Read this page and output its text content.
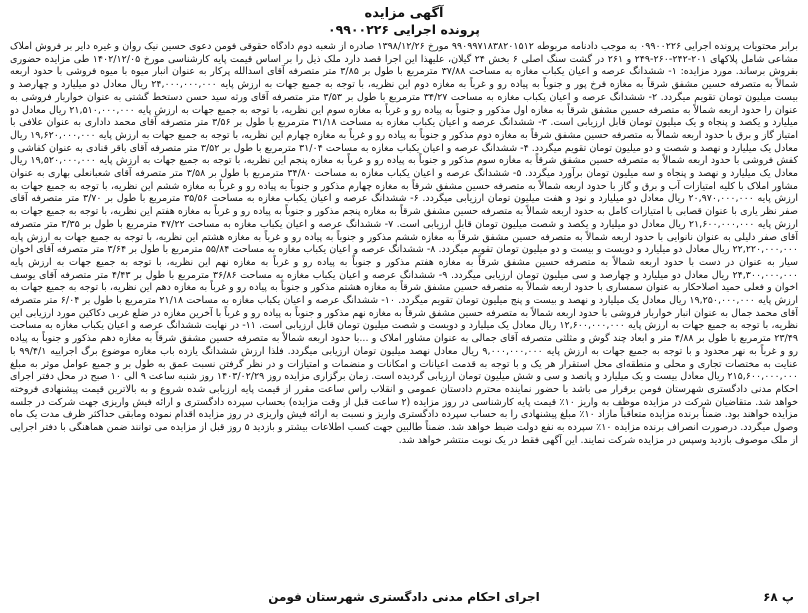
آگهی مزایده

پرونده اجرایی ۰۹۹۰۰۲۲۶

برابر محتویات پرونده اجرایی ۰۹۹۰۰۲۲۶ به موجب دادنامه مربوطه ۹۹۰۹۹۷۱۸۳۸۲۰۱۵۱۲ مورخ ۱۳۹۸/۱۲/۲۶ صادره از شعبه دوم دادگاه حقوقی فومن دعوی حسین نیک روان و غیره دایر بر فروش املاک مشاعی شامل پلاکهای ۲۰۱-۲۴۲-۲۶۰-۲۴۹ و ۲۶۱ در گشت سنگ اصلی ۶ بخش ۲۴ گیلان، علیهذا این اجرا قصد دارد ملک ذیل را بر اساس قیمت پایه کارشناسی مورخ ۱۴۰۲/۱۲/۰۵ طی مزایده حضوری بفروش برساند. مورد مزایده: ۱- ششدانگ عرصه و اعیان یکباب مغازه به مساحت ۳۷/۸۸ مترمربع با طول بر ۳/۸۵ متر متصرفه آقای اسدالله پرکار به عنوان انبار میوه با میوه فروشی با حدود اربعه شمالاً به متصرفه حسین مشفق شرقاً به مغازه فرخ پور و جنوباً به پیاده رو و غرباً به مغازه دوم این نظریه، با توجه به جمیع جهات به ارزش پایه ۲۴,۰۰۰,۰۰۰,۰۰۰ ریال معادل دو میلیارد و چهارصد و بیست میلیون تومان تقویم میگردد. ۲- ششدانگ عرصه و اعیان یکباب مغازه به مساحت ۳۴/۲۷ مترمربع با طول بر ۳/۵۳ متر متصرفه آقای ورثه سید حسن دستخط گشتی به عنوان خواربار فروشی به عنوان را حدود اربعه شمالاً به متصرفه حسین مشفق شرقاً به مغازه اول مذکور و جنوباً به پیاده رو و غرباً به مغازه سوم این نظریه، با توجه به جمیع جهات به ارزش پایه ۲۱,۵۱۰,۰۰۰,۰۰۰ ریال معادل دو میلیارد و یکصد و پنجاه و یک میلیون تومان قابل ارزیابی است. ۳- ششدانگ عرصه و اعیان یکباب مغازه به مساحت ۳۱/۱۸ مترمربع با طول بر ۳/۵۶ متر متصرفه آقای محمد داداری به عنوان علافی با امتیاز گاز و برق با حدود اربعه شمالاً به متصرفه حسین مشفق شرقاً به مغازه دوم مذکور و جنوباً به پیاده رو و غرباً به مغازه چهارم این نظریه، با توجه به جمیع جهات به ارزش پایه ۱۹,۶۲۰,۰۰۰,۰۰۰ ریال معادل یک میلیارد و نهصد و شصت و دو میلیون تومان تقویم میگردد. ۴- ششدانگ عرصه و اعیان یکباب مغازه به مساحت ۳۱/۰۴ مترمربع با طول بر ۳/۵۲ متر متصرفه آقای باقر قنادی به عنوان کفاشی و کفش فروشی با حدود اربعه شمالاً به متصرفه حسین مشفق شرقاً به مغازه سوم مذکور و جنوباً به پیاده رو و غرباً به مغازه پنجم این نظریه، با توجه به جمیع جهات به ارزش پایه ۱۹,۵۲۰,۰۰۰,۰۰۰ ریال معادل یک میلیارد و نهصد و پنجاه و سه میلیون تومان برآورد میگردد. ۵- ششدانگ عرصه و اعیان یکباب مغازه به مساحت ۳۴/۸۰ مترمربع با طول بر ۳/۵۸ متر متصرفه آقای شعبانعلی بهاری به عنوان مشاور املاک با کلیه امتیازات آب و برق و گاز با حدود اربعه شمالاً به متصرفه حسین مشفق شرقاً به مغازه چهارم مذکور و جنوباً به پیاده رو و غرباً به مغازه ششم این نظریه، با توجه به جمیع جهات به ارزش پایه ۲۰,۹۷۰,۰۰۰,۰۰۰ ریال معادل دو میلیارد و نود و هفت میلیون تومان ارزیابی میگردد. ۶- ششدانگ عرصه و اعیان یکباب مغازه به مساحت ۳۵/۵۶ مترمربع با طول بر ۳/۷۰ متر متصرفه آقای صفر نظر یاری با عنوان قصابی با امتیازات کامل به حدود اربعه شمالاً به متصرفه حسین مشفق شرقاً به مغازه پنجم مذکور و جنوباً به پیاده رو و غرباً به مغازه هفتم این نظریه، با توجه به جمیع جهات به ارزش پایه ۲۱,۶۰۰,۰۰۰,۰۰۰ ریال معادل دو میلیارد و یکصد و شصت میلیون تومان قابل ارزیابی است. ۷- ششدانگ عرصه و اعیان یکباب مغازه به مساحت ۴۷/۲۲ مترمربع با طول بر ۳/۳۵ متر متصرفه آقای صفر دلیلی به عنوان نانوایی با حدود اربعه شمالاً به متصرفه حسین مشفق شرقاً به مغازه ششم مذکور و جنوباً به پیاده رو و غرباً به مغازه هشتم این نظریه، با توجه به جمیع جهات به ارزش پایه ۲۲,۲۲۰,۰۰۰,۰۰۰ ریال معادل دو میلیارد و دویست و بیست و دو میلیون تومان تقویم میگردد. ۸- ششدانگ عرصه و اعیان یکباب مغازه به مساحت ۵۵/۸۴ مترمربع با طول بر ۳/۶۴ متر متصرفه آقای اخوان سیار به عنوان در دست با حدود اربعه شمالاً به متصرفه حسین مشفق شرقاً به مغازه هفتم مذکور و جنوباً به پیاده رو و غرباً به مغازه نهم این نظریه، با توجه به جمیع جهات به ارزش پایه ۲۴,۳۰۰,۰۰۰,۰۰۰ ریال معادل دو میلیارد و چهارصد و سی میلیون تومان ارزیابی میگردد. ۹- ششدانگ عرصه و اعیان یکباب مغازه به مساحت ۳۶/۸۶ مترمربع با طول بر ۴/۴۳ متر متصرفه آقای یوسف اخوان و فعلی حمید اصلاحکار به عنوان سمساری با حدود اربعه شمالاً به متصرفه حسین مشفق شرقاً به مغازه هشتم مذکور و جنوباً به پیاده رو و غرباً به مغازه دهم این نظریه، با توجه به جمیع جهات به ارزش پایه ۱۹,۲۵۰,۰۰۰,۰۰۰ ریال معادل یک میلیارد و نهصد و بیست و پنج میلیون تومان تقویم میگردد. ۱۰- ششدانگ عرصه و اعیان یکباب مغازه به مساحت ۲۱/۱۸ مترمربع با طول بر ۶/۰۴ متر متصرفه آقای محمد جمال به عنوان انبار خواربار فروشی با حدود اربعه شمالاً به متصرفه حسین مشفق شرقاً به مغازه نهم مذکور و جنوباً به پیاده رو و غرباً با آخرین مغازه در ضلع غربی دکاکین مورد ارزیابی این نظریه، با توجه به جمیع جهات به ارزش پایه ۱۲,۶۰۰,۰۰۰,۰۰۰ ریال معادل یک میلیارد و دویست و شصت میلیون تومان قابل ارزیابی است. ۱۱- در نهایت ششدانگ عرصه و اعیان یکباب مغازه به مساحت ۲۳/۴۹ مترمربع با طول بر ۴/۸۸ متر و ابعاد چند گوش و مثلثی متصرفه آقای جمالی به عنوان مشاور املاک و ...با حدود اربعه شمالاً به متصرفه حسین مشفق شرقاً به مغازه دهم مذکور و جنوباً به پیاده رو و غرباً به نهر محدود و با توجه به جمیع جهات به ارزش پایه ۹,۰۰۰,۰۰۰,۰۰۰ ریال معادل نهصد میلیون تومان ارزیابی میگردد. فلذا ارزش ششدانگ یازده باب مغازه موضوع برگ اجراییه ۹۹/۴/۱ با عنایت به مختصات تجاری و محلی و منطقه‌ای محل استقرار هر یک و با توجه به قدمت اعیانات و امکانات و منضمات و امتیازات و در نظر گرفتن نسبت عمق به طول بر و جمیع عوامل موثر به مبلغ ۲۱۵,۶۰۰,۰۰۰,۰۰۰ ریال معادل بیست و یک میلیارد و پانصد و سی و شش میلیون تومان ارزیابی گردیده است. زمان برگزاری مزایده روز ۱۴۰۳/۰۲/۲۹ روز شنبه ساعت ۹ الی ۱۰ صبح در محل دفتر اجرای احکام مدنی دادگستری شهرستان فومن برقرار می باشد با حضور نماینده محترم دادستان عمومی و انقلاب راس ساعت مقرر از قیمت پایه ارزیابی شده شروع و به بالاترین قیمت پیشنهادی فروخته خواهد شد. متقاضیان شرکت در مزایده موظف به واریز ۱۰٪ قیمت پایه کارشناسی در روز مزایده (۲ ساعت قبل از وقت مزایده) بحساب سپرده دادگستری و ارائه فیش واریزی جهت شرکت در جلسه مزایده خواهند بود. ضمناً برنده مزایده متعاقباً مازاد ۱۰٪ مبلغ پیشنهادی را به حساب سپرده دادگستری واریز و نسبت به ارائه فیش واریزی در روز مزایده اقدام نموده ومابقی حداکثر ظرف مدت یک ماه وصول میگردد. درصورت انصراف برنده مزایده ۱۰٪ سپرده به نفع دولت ضبط خواهد شد. ضمناً طالبین جهت کسب اطلاعات بیشتر و بازدید ۵ روز قبل از مزایده می توانند ضمن هماهنگی با دفتر اجرایی از ملک موصوف بازدید وسپس در مزایده شرکت نمایند. این آگهی فقط در یک نوبت منتشر خواهد شد.

پ ۶۸
اجرای احکام مدنی دادگستری شهرستان فومن
